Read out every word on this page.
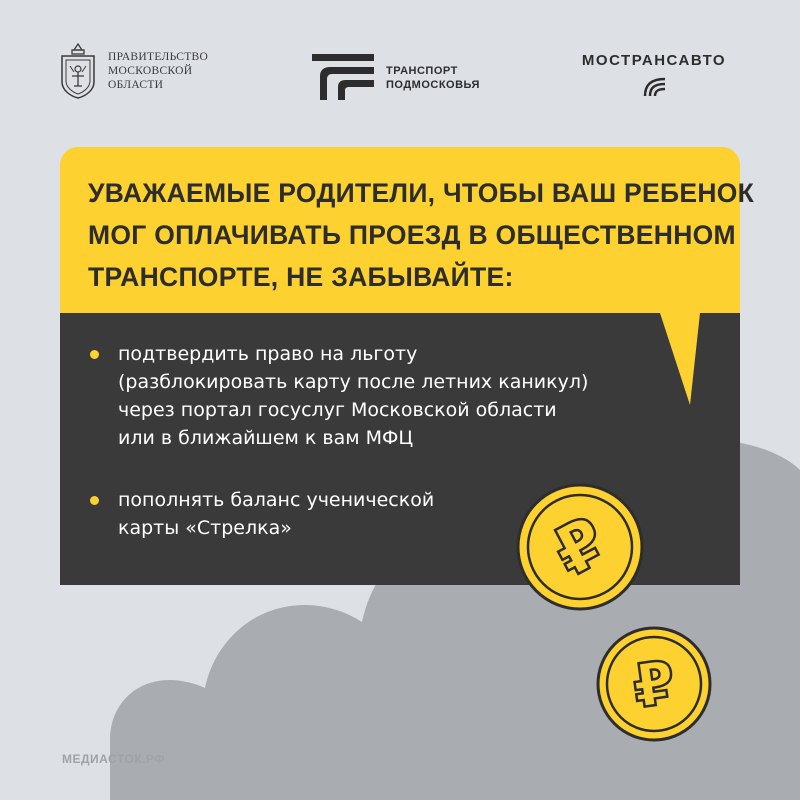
ПРАВИТЕЛЬСТВО
МОСКОВСКОЙ
ОБЛАСТИ
ТРАНСПОРТ
ПОДМОСКОВЬЯ
МОСТРАНСАВТО
УВАЖАЕМЫЕ РОДИТЕЛИ, ЧТОБЫ ВАШ РЕБЕНОК
МОГ ОПЛАЧИВАТЬ ПРОЕЗД В ОБЩЕСТВЕННОМ
ТРАНСПОРТЕ, НЕ ЗАБЫВАЙТЕ:
подтвердить право на льготу
(разблокировать карту после летних каникул)
через портал госуслуг Московской области
или в ближайшем к вам МФЦ
пополнять баланс ученической
карты «Стрелка»	₽
₽
МЕДИАСТОК.РФ
